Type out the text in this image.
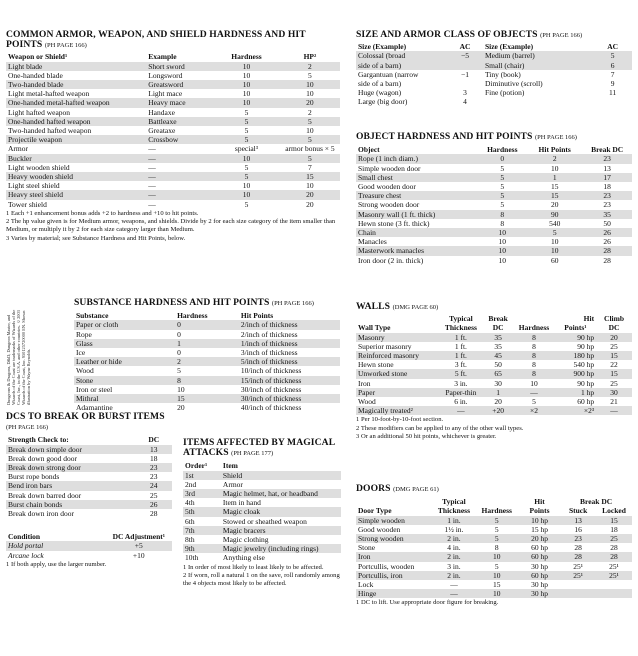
COMMON ARMOR, WEAPON, AND SHIELD HARDNESS AND HIT POINTS (PH PAGE 166)
Weapon or Shield¹	Example	Hardness	HP²
Light blade	Short sword	10	2
One-handed blade	Longsword	10	5
Two-handed blade	Greatsword	10	10
Light metal-hafted weapon	Light mace	10	10
One-handed metal-hafted weapon	Heavy mace	10	20
Light hafted weapon	Handaxe	5	2
One-handed hafted weapon	Battleaxe	5	5
Two-handed hafted weapon	Greataxe	5	10
Projectile weapon	Crossbow	5	5
Armor	—	special³	armor bonus × 5
Buckler	—	10	5
Light wooden shield	—	5	7
Heavy wooden shield	—	5	15
Light steel shield	—	10	10
Heavy steel shield	—	10	20
Tower shield	—	5	20

1 Each +1 enhancement bonus adds +2 to hardness and +10 to hit points.

2 The hp value given is for Medium armor, weapons, and shields. Divide by 2 for each size category of the item smaller than Medium, or multiply it by 2 for each size category larger than Medium.

3 Varies by material; see Substance Hardness and Hit Points, below.

Dungeons & Dragons, D&D, Dungeon Master, and Wizards of the Coast are trademarks of Wizards of the Coast, Inc., in the U.S.A. and other countries. ©2003 Wizards of the Coast, Inc. 950125720000 EN. Shown illustration by Wayne Reynolds.
SUBSTANCE HARDNESS AND HIT POINTS (PH PAGE 166)
Substance	Hardness	Hit Points
Paper or cloth	0	2/inch of thickness
Rope	0	2/inch of thickness
Glass	1	1/inch of thickness
Ice	0	3/inch of thickness
Leather or hide	2	5/inch of thickness
Wood	5	10/inch of thickness
Stone	8	15/inch of thickness
Iron or steel	10	30/inch of thickness
Mithral	15	30/inch of thickness
Adamantine	20	40/inch of thickness
DCS TO BREAK OR BURST ITEMS (PH PAGE 166)
Strength Check to:	DC
Break down simple door	13
Break down good door	18
Break down strong door	23
Burst rope bonds	23
Bend iron bars	24
Break down barred door	25
Burst chain bonds	26
Break down iron door	28
Condition	DC Adjustment¹
Hold portal	+5
Arcane lock	+10

1 If both apply, use the larger number.

ITEMS AFFECTED BY MAGICAL ATTACKS (PH PAGE 177)
Order¹	Item
1st	Shield
2nd	Armor
3rd	Magic helmet, hat, or headband
4th	Item in hand
5th	Magic cloak
6th	Stowed or sheathed weapon
7th	Magic bracers
8th	Magic clothing
9th	Magic jewelry (including rings)
10th	Anything else

1 In order of most likely to least likely to be affected.

2 If worn, roll a natural 1 on the save, roll randomly among the 4 objects most likely to be affected.

SIZE AND ARMOR CLASS OF OBJECTS (PH PAGE 166)
Size (Example)	AC	Size (Example)	AC
Colossal (broad	−5	Medium (barrel)	5
side of a barn)		Small (chair)	6
Gargantuan (narrow	−1	Tiny (book)	7
side of a barn)		Diminutive (scroll)	9
Huge (wagon)	3	Fine (potion)	11
Large (big door)	4		
OBJECT HARDNESS AND HIT POINTS (PH PAGE 166)
Object	Hardness	Hit Points	Break DC
Rope (1 inch diam.)	0	2	23
Simple wooden door	5	10	13
Small chest	5	1	17
Good wooden door	5	15	18
Treasure chest	5	15	23
Strong wooden door	5	20	23
Masonry wall (1 ft. thick)	8	90	35
Hewn stone (3 ft. thick)	8	540	50
Chain	10	5	26
Manacles	10	10	26
Masterwork manacles	10	10	28
Iron door (2 in. thick)	10	60	28
WALLS (DMG PAGE 60)
	Typical	Break		Hit	Climb
Wall Type	Thickness	DC	Hardness	Points¹	DC
Masonry	1 ft.	35	8	90 hp	20
Superior masonry	1 ft.	35	8	90 hp	25
Reinforced masonry	1 ft.	45	8	180 hp	15
Hewn stone	3 ft.	50	8	540 hp	22
Unworked stone	5 ft.	65	8	900 hp	15
Iron	3 in.	30	10	90 hp	25
Paper	Paper-thin	1	—	1 hp	30
Wood	6 in.	20	5	60 hp	21
Magically treated²	—	+20	×2	×2³	—

1 Per 10-foot-by-10-foot section.

2 These modifiers can be applied to any of the other wall types.

3 Or an additional 50 hit points, whichever is greater.

DOORS (DMG PAGE 61)
	Typical		Hit	Break DC	
Door Type	Thickness	Hardness	Points	Stuck	Locked
Simple wooden	1 in.	5	10 hp	13	15
Good wooden	1½ in.	5	15 hp	16	18
Strong wooden	2 in.	5	20 hp	23	25
Stone	4 in.	8	60 hp	28	28
Iron	2 in.	10	60 hp	28	28
Portcullis, wooden	3 in.	5	30 hp	25¹	25¹
Portcullis, iron	2 in.	10	60 hp	25¹	25¹
Lock	—	15	30 hp		
Hinge	—	10	30 hp		

1 DC to lift. Use appropriate door figure for breaking.
